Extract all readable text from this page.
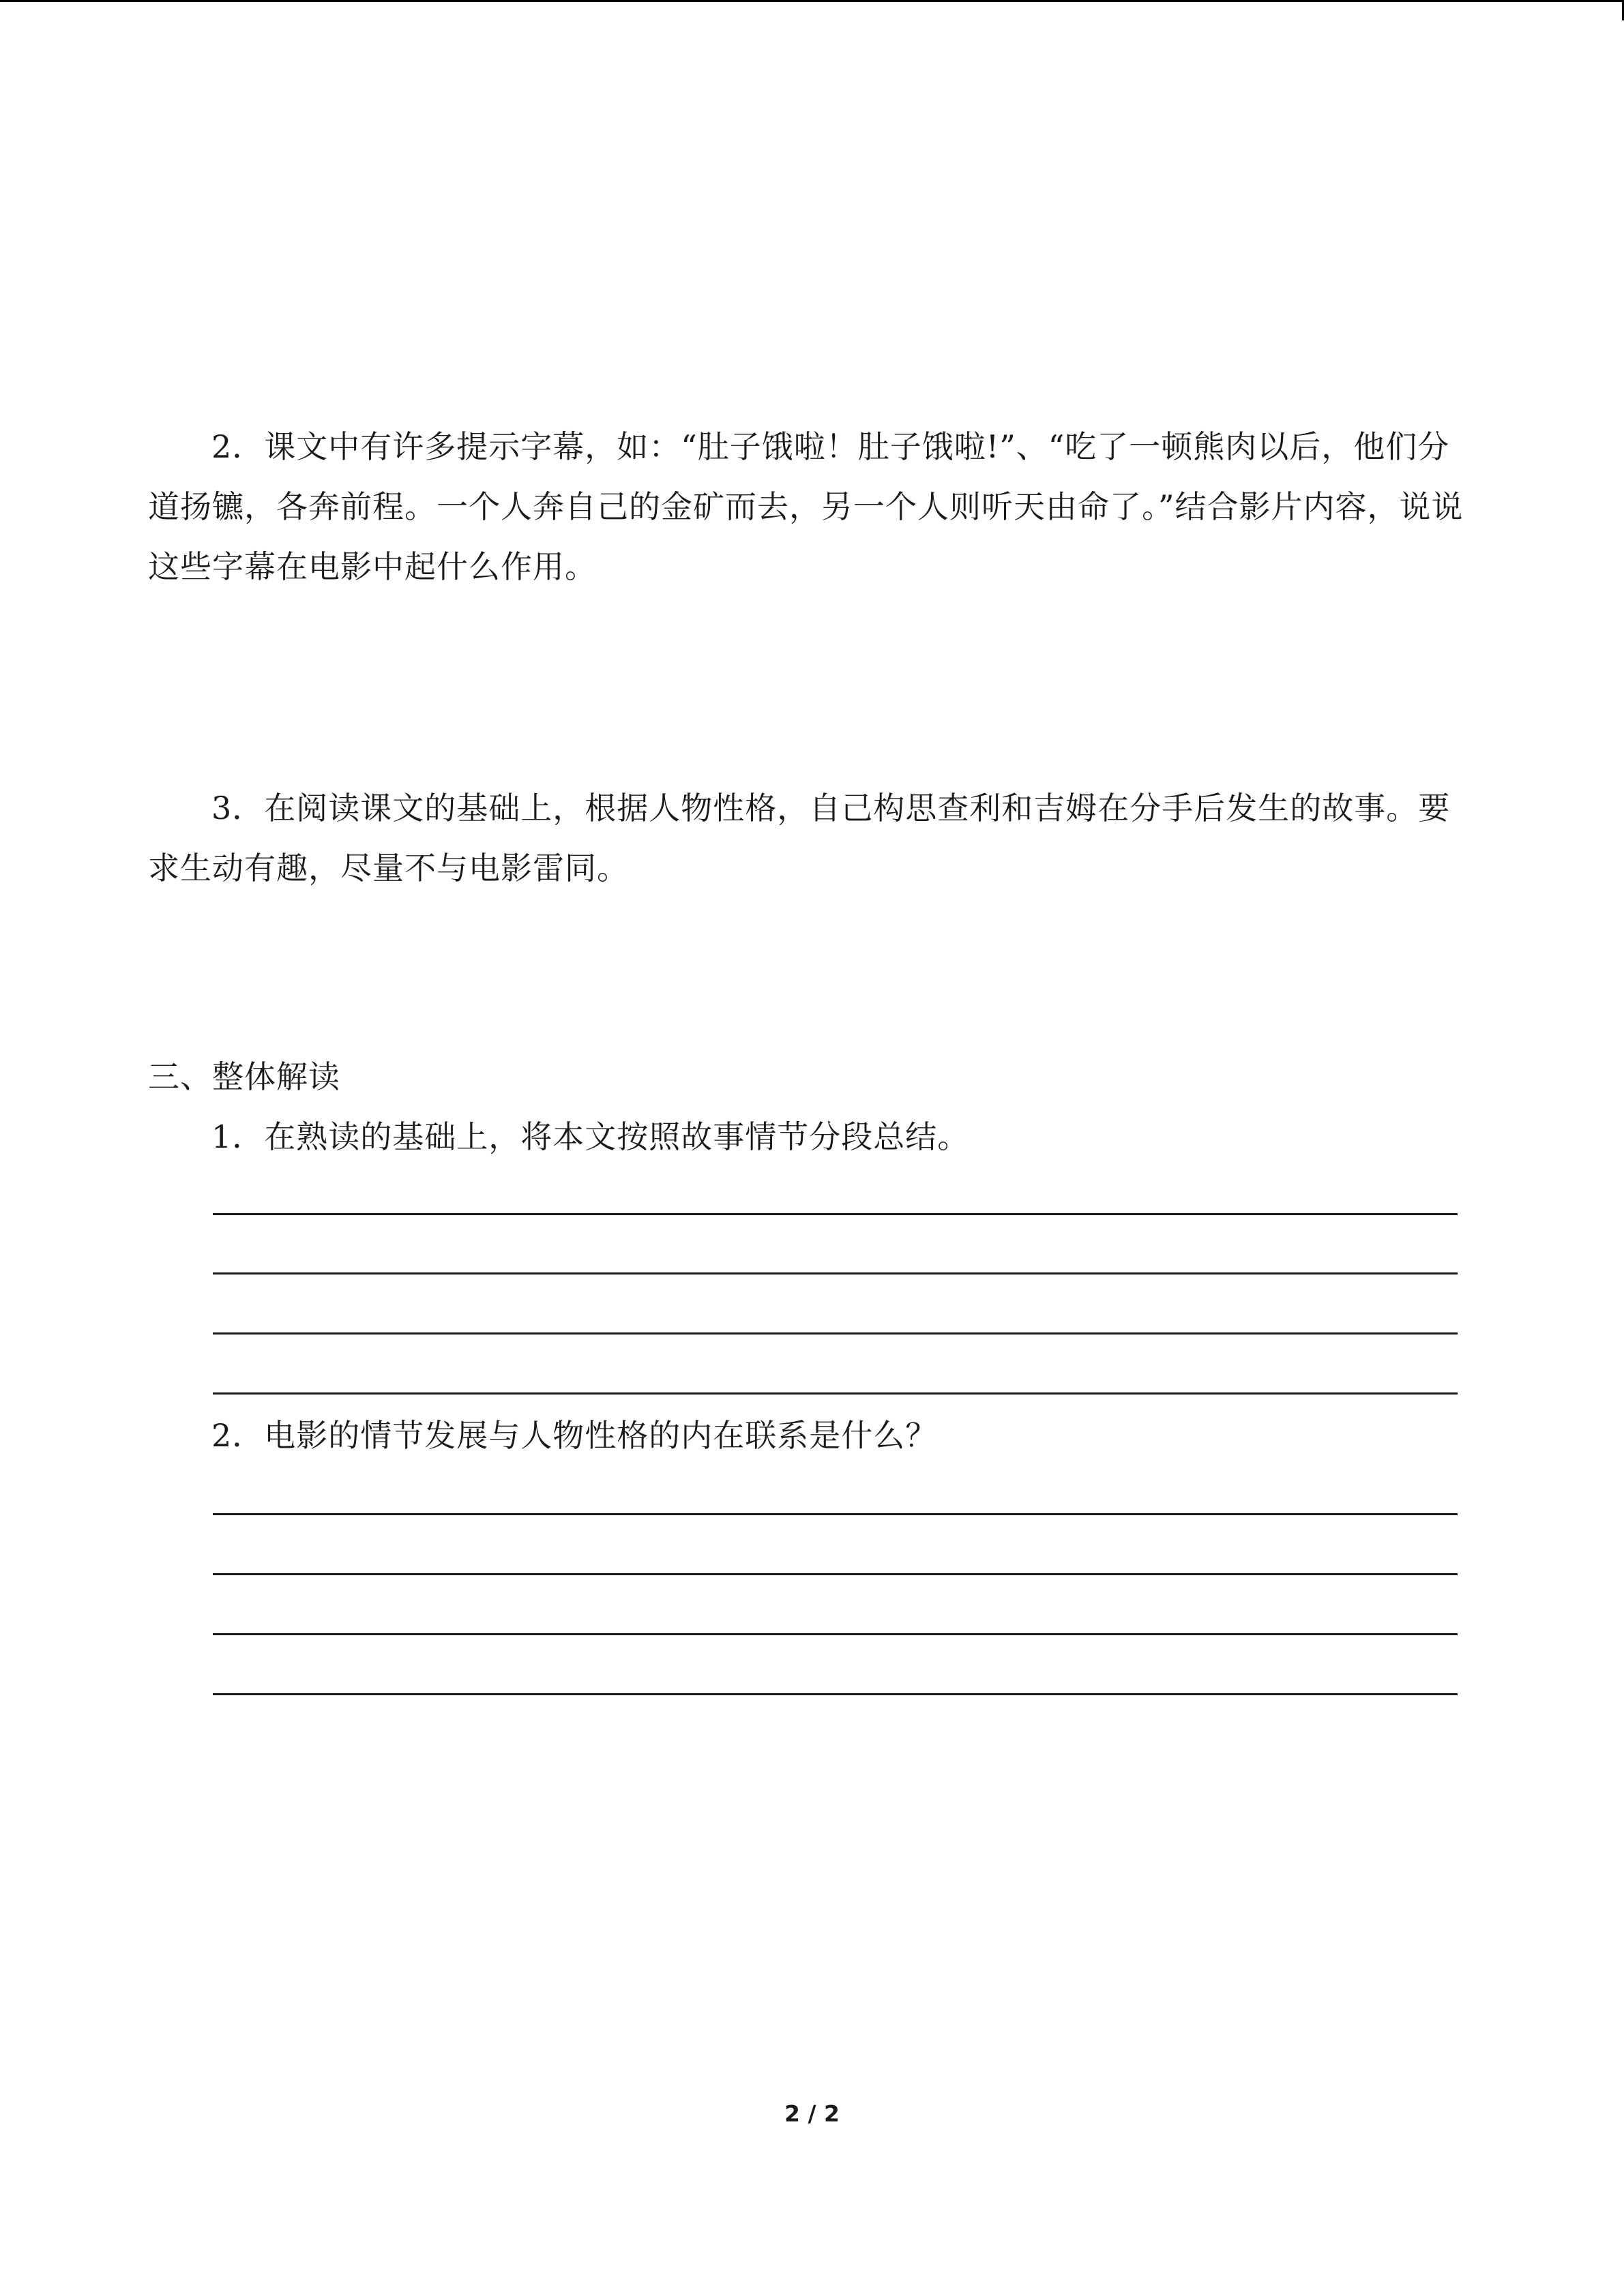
2．课文中有许多提示字幕，如：“肚子饿啦！肚子饿啦!”、“吃了一顿熊肉以后，他们分道扬镳，各奔前程。一个人奔自己的金矿而去，另一个人则听天由命了。”结合影片内容，说说这些字幕在电影中起什么作用。

3．在阅读课文的基础上，根据人物性格，自己构思查利和吉姆在分手后发生的故事。要求生动有趣，尽量不与电影雷同。

三、整体解读
1．在熟读的基础上，将本文按照故事情节分段总结。
2．电影的情节发展与人物性格的内在联系是什么？
2 / 2
